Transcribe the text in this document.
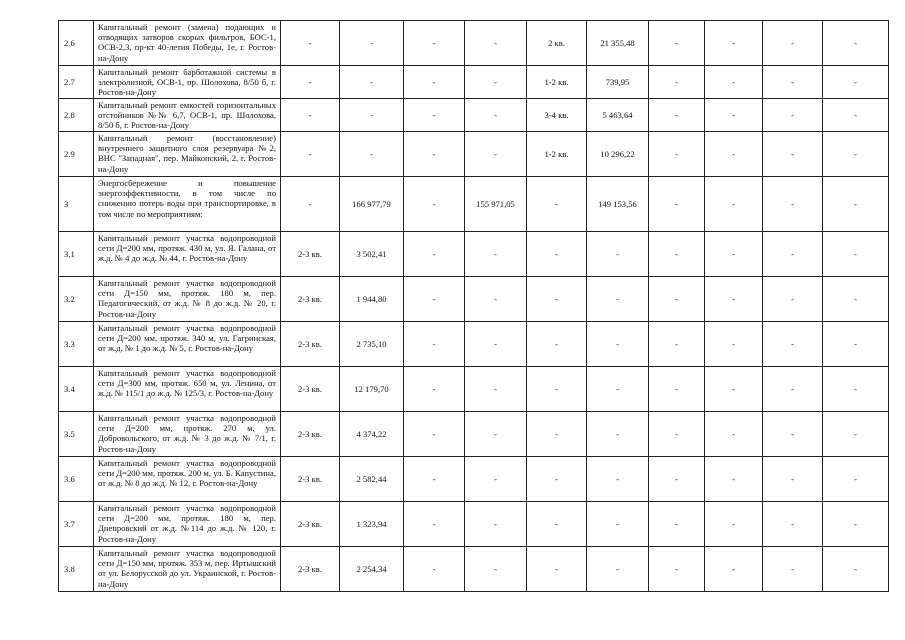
2.6	Капитальный ремонт (замена) подающих и отводящих затворов скорых фильтров, БОС-1, ОСВ-2,3, пр-кт 40-летия Победы, 1е, г. Ростов-на-Дону	-	-	-	-	2 кв.	21 355,48	-	-	-	-
2.7	Капитальный ремонт барботажной системы в электролизной, ОСВ-1, пр. Шолохова, 8/50 б, г. Ростов-на-Дону	-	-	-	-	1-2 кв.	739,95	-	-	-	-
2.8	Капитальный ремонт емкостей горизонтальных отстойников №№ 6,7, ОСВ-1, пр. Шолохова, 8/50 б, г. Ростов-на-Дону	-	-	-	-	3-4 кв.	5 463,64	-	-	-	-
2.9	Капитальный ремонт (восстановление) внутреннего защитного слоя резервуара №2, ВНС "Западная", пер. Майкопский, 2, г. Ростов-на-Дону	-	-	-	-	1-2 кв.	10 296,22	-	-	-	-
3	Энергосбережение и повышение энергоэффективности, в том числе по снижению потерь воды при транспортировке, в том числе по мероприятиям:	-	166 977,79	-	155 971,05	-	149 153,56	-	-	-	-
3.1	Капитальный ремонт участка водопроводной сети Д=200 мм, протяж. 430 м, ул. Я. Галана, от ж.д. № 4 до ж.д. № 44, г. Ростов-на-Дону	2-3 кв.	3 502,41	-	-	-	-	-	-	-	-
3.2	Капитальный ремонт участка водопроводной сети Д=150 мм, протяж. 180 м, пер. Педагогический, от ж.д. № 8 до ж.д. № 20, г. Ростов-на-Дону	2-3 кв.	1 944,80	-	-	-	-	-	-	-	-
3.3	Капитальный ремонт участка водопроводной сети Д=200 мм, протяж. 340 м, ул. Гагринская, от ж.д. № 1 до ж.д. № 5, г. Ростов-на-Дону	2-3 кв.	2 735,10	-	-	-	-	-	-	-	-
3.4	Капитальный ремонт участка водопроводной сети Д=300 мм, протяж. 650 м, ул. Ленина, от ж.д. № 115/1 до ж.д. № 125/3, г. Ростов-на-Дону	2-3 кв.	12 179,70	-	-	-	-	-	-	-	-
3.5	Капитальный ремонт участка водопроводной сети Д=200 мм, протяж. 270 м, ул. Добровольского, от ж.д. № 3 до ж.д. № 7/1, г. Ростов-на-Дону	2-3 кв.	4 374,22	-	-	-	-	-	-	-	-
3.6	Капитальный ремонт участка водопроводной сети Д=200 мм, протяж. 200 м, ул. Б. Капустина, от ж.д. № 8 до ж.д. № 12, г. Ростов-на-Дону	2-3 кв.	2 582,44	-	-	-	-	-	-	-	-
3.7	Капитальный ремонт участка водопроводной сети Д=200 мм, протяж. 180 м, пер. Днепровский от ж.д. №114 до ж.д. № 120, г. Ростов-на-Дону	2-3 кв.	1 323,94	-	-	-	-	-	-	-	-
3.8	Капитальный ремонт участка водопроводной сети Д=150 мм, протяж. 353 м, пер. Иртышский от ул. Белорусской до ул. Украинской, г. Ростов-на-Дону	2-3 кв.	2 254,34	-	-	-	-	-	-	-	-
